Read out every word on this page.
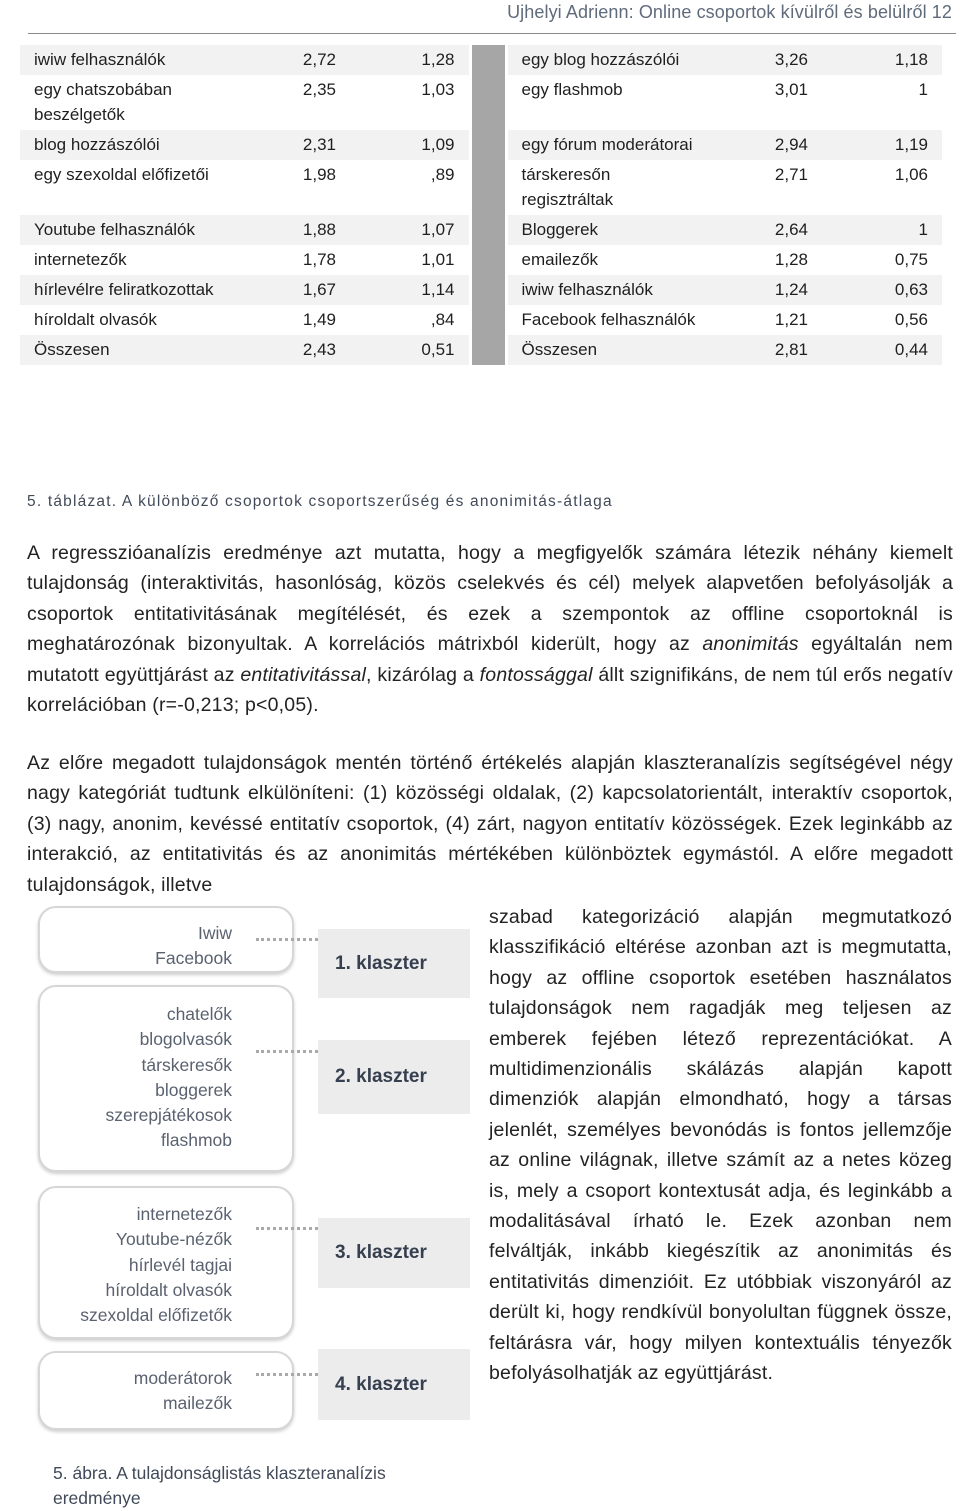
Ujhelyi Adrienn: Online csoportok kívülről és belülről 12
iwiw felhasználók	2,72	1,28		egy blog hozzászólói	3,26	1,18
egy chatszobában beszélgetők	2,35	1,03		egy flashmob	3,01	1
blog hozzászólói	2,31	1,09		egy fórum moderátorai	2,94	1,19
egy szexoldal előfizetői	1,98	,89		társkeresőn regisztráltak	2,71	1,06
Youtube felhasználók	1,88	1,07		Bloggerek	2,64	1
internetezők	1,78	1,01		emailezők	1,28	0,75
hírlevélre feliratkozottak	1,67	1,14		iwiw felhasználók	1,24	0,63
híroldalt olvasók	1,49	,84		Facebook felhasználók	1,21	0,56
Összesen	2,43	0,51		Összesen	2,81	0,44
5. táblázat. A különböző csoportok csoportszerűség és anonimitás-átlaga
A regresszióanalízis eredménye azt mutatta, hogy a megfigyelők számára létezik néhány kiemelt tulajdonság (interaktivitás, hasonlóság, közös cselekvés és cél) melyek alapvetően befolyásolják a csoportok entitativitásának megítélését, és ezek a szempontok az offline csoportoknál is meghatározónak bizonyultak. A korrelációs mátrixból kiderült, hogy az anonimitás egyáltalán nem mutatott együttjárást az entitativitással, kizárólag a fontossággal állt szignifikáns, de nem túl erős negatív korrelációban (r=-0,213; p<0,05).
Az előre megadott tulajdonságok mentén történő értékelés alapján klaszteranalízis segítségével négy nagy kategóriát tudtunk elkülöníteni: (1) közösségi oldalak, (2) kapcsolatorientált, interaktív csoportok, (3) nagy, anonim, kevéssé entitatív csoportok, (4) zárt, nagyon entitatív közösségek. Ezek leginkább az interakció, az entitativitás és az anonimitás mértékében különböztek egymástól. A előre megadott tulajdonságok, illetve
szabad kategorizáció alapján megmutatkozó klasszifikáció eltérése azonban azt is megmutatta, hogy az offline csoportok esetében használatos tulajdonságok nem ragadják meg teljesen az emberek fejében létező reprezentációkat. A multidimenzionális skálázás alapján kapott dimenziók alapján elmondható, hogy a társas jelenlét, személyes bevonódás is fontos jellemzője az online világnak, illetve számít az a netes közeg is, mely a csoport kontextusát adja, és leginkább a modalitásával írható le. Ezek azonban nem felváltják, inkább kiegészítik az anonimitás és entitativitás dimenzióit. Ez utóbbiak viszonyáról az derült ki, hogy rendkívül bonyolultan függnek össze, feltárásra vár, hogy milyen kontextuális tényezők befolyásolhatják az együttjárást.
Iwiw
Facebook	1. klaszter
chatelők
blogolvasók
társkeresők
bloggerek
szerepjátékosok
flashmob
2. klaszter
internetezők
Youtube-nézők
hírlevél tagjai
híroldalt olvasók
szexoldal előfizetők
3. klaszter
moderátorok
mailezők
4. klaszter
5. ábra. A tulajdonságlistás klaszteranalízis eredménye
